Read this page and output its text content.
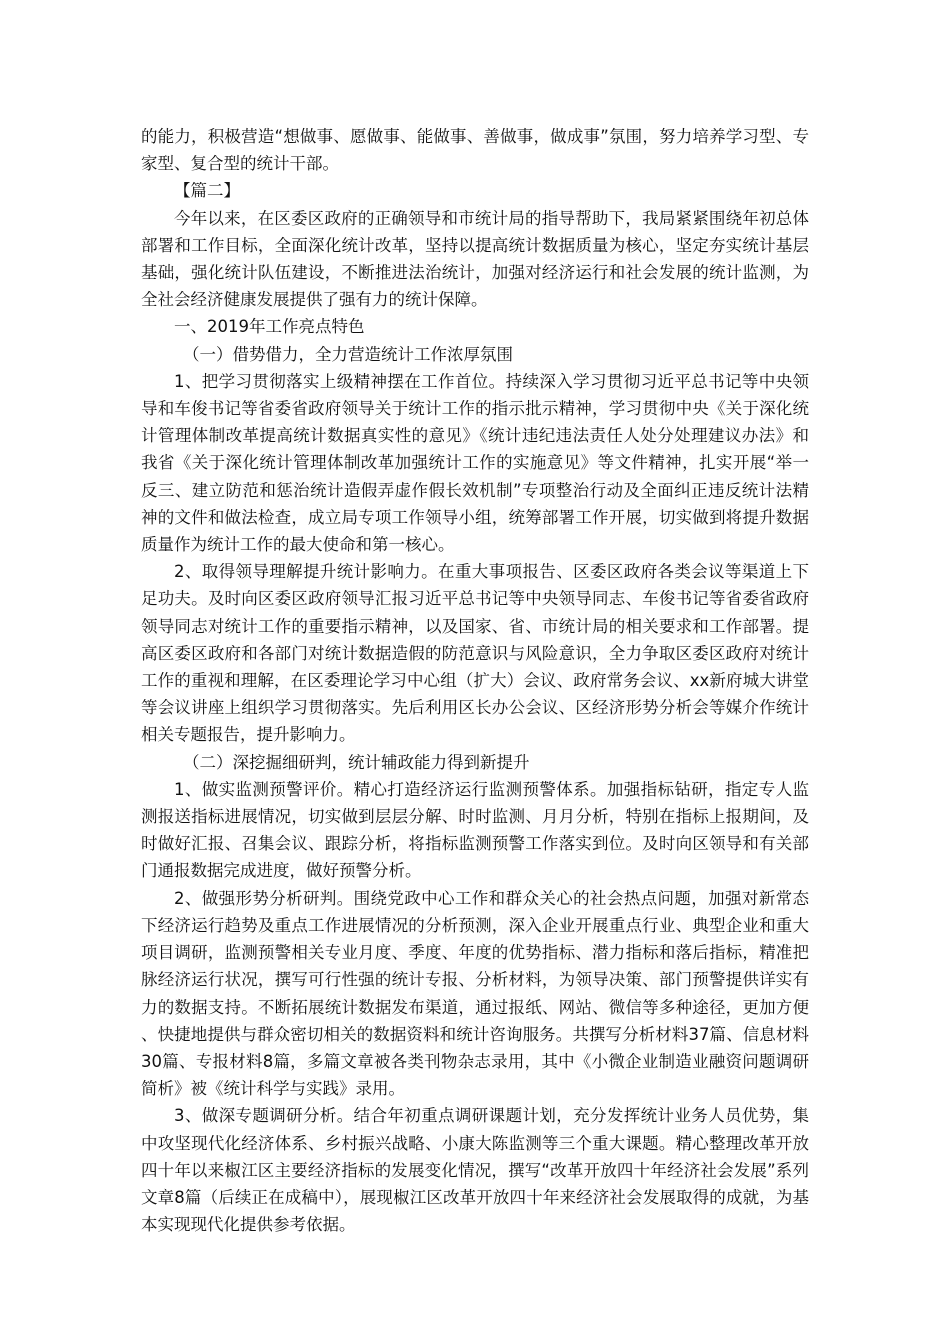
的能力，积极营造“想做事、愿做事、能做事、善做事，做成事”氛围，努力培养学习型、专家型、复合型的统计干部。

【篇二】

今年以来，在区委区政府的正确领导和市统计局的指导帮助下，我局紧紧围绕年初总体部署和工作目标，全面深化统计改革，坚持以提高统计数据质量为核心，坚定夯实统计基层基础，强化统计队伍建设，不断推进法治统计，加强对经济运行和社会发展的统计监测，为全社会经济健康发展提供了强有力的统计保障。

一、2019年工作亮点特色

（一）借势借力，全力营造统计工作浓厚氛围

1、把学习贯彻落实上级精神摆在工作首位。持续深入学习贯彻习近平总书记等中央领导和车俊书记等省委省政府领导关于统计工作的指示批示精神，学习贯彻中央《关于深化统计管理体制改革提高统计数据真实性的意见》《统计违纪违法责任人处分处理建议办法》和我省《关于深化统计管理体制改革加强统计工作的实施意见》等文件精神，扎实开展“举一反三、建立防范和惩治统计造假弄虚作假长效机制”专项整治行动及全面纠正违反统计法精神的文件和做法检查，成立局专项工作领导小组，统筹部署工作开展，切实做到将提升数据质量作为统计工作的最大使命和第一核心。

2、取得领导理解提升统计影响力。在重大事项报告、区委区政府各类会议等渠道上下足功夫。及时向区委区政府领导汇报习近平总书记等中央领导同志、车俊书记等省委省政府领导同志对统计工作的重要指示精神，以及国家、省、市统计局的相关要求和工作部署。提高区委区政府和各部门对统计数据造假的防范意识与风险意识，全力争取区委区政府对统计工作的重视和理解，在区委理论学习中心组（扩大）会议、政府常务会议、xx新府城大讲堂等会议讲座上组织学习贯彻落实。先后利用区长办公会议、区经济形势分析会等媒介作统计相关专题报告，提升影响力。

（二）深挖掘细研判，统计辅政能力得到新提升

1、做实监测预警评价。精心打造经济运行监测预警体系。加强指标钻研，指定专人监测报送指标进展情况，切实做到层层分解、时时监测、月月分析，特别在指标上报期间，及时做好汇报、召集会议、跟踪分析，将指标监测预警工作落实到位。及时向区领导和有关部门通报数据完成进度，做好预警分析。

2、做强形势分析研判。围绕党政中心工作和群众关心的社会热点问题，加强对新常态下经济运行趋势及重点工作进展情况的分析预测，深入企业开展重点行业、典型企业和重大项目调研，监测预警相关专业月度、季度、年度的优势指标、潜力指标和落后指标，精准把脉经济运行状况，撰写可行性强的统计专报、分析材料，为领导决策、部门预警提供详实有力的数据支持。不断拓展统计数据发布渠道，通过报纸、网站、微信等多种途径，更加方便、快捷地提供与群众密切相关的数据资料和统计咨询服务。共撰写分析材料37篇、信息材料30篇、专报材料8篇，多篇文章被各类刊物杂志录用，其中《小微企业制造业融资问题调研简析》被《统计科学与实践》录用。

3、做深专题调研分析。结合年初重点调研课题计划，充分发挥统计业务人员优势，集中攻坚现代化经济体系、乡村振兴战略、小康大陈监测等三个重大课题。精心整理改革开放四十年以来椒江区主要经济指标的发展变化情况，撰写“改革开放四十年经济社会发展”系列文章8篇（后续正在成稿中），展现椒江区改革开放四十年来经济社会发展取得的成就，为基本实现现代化提供参考依据。
